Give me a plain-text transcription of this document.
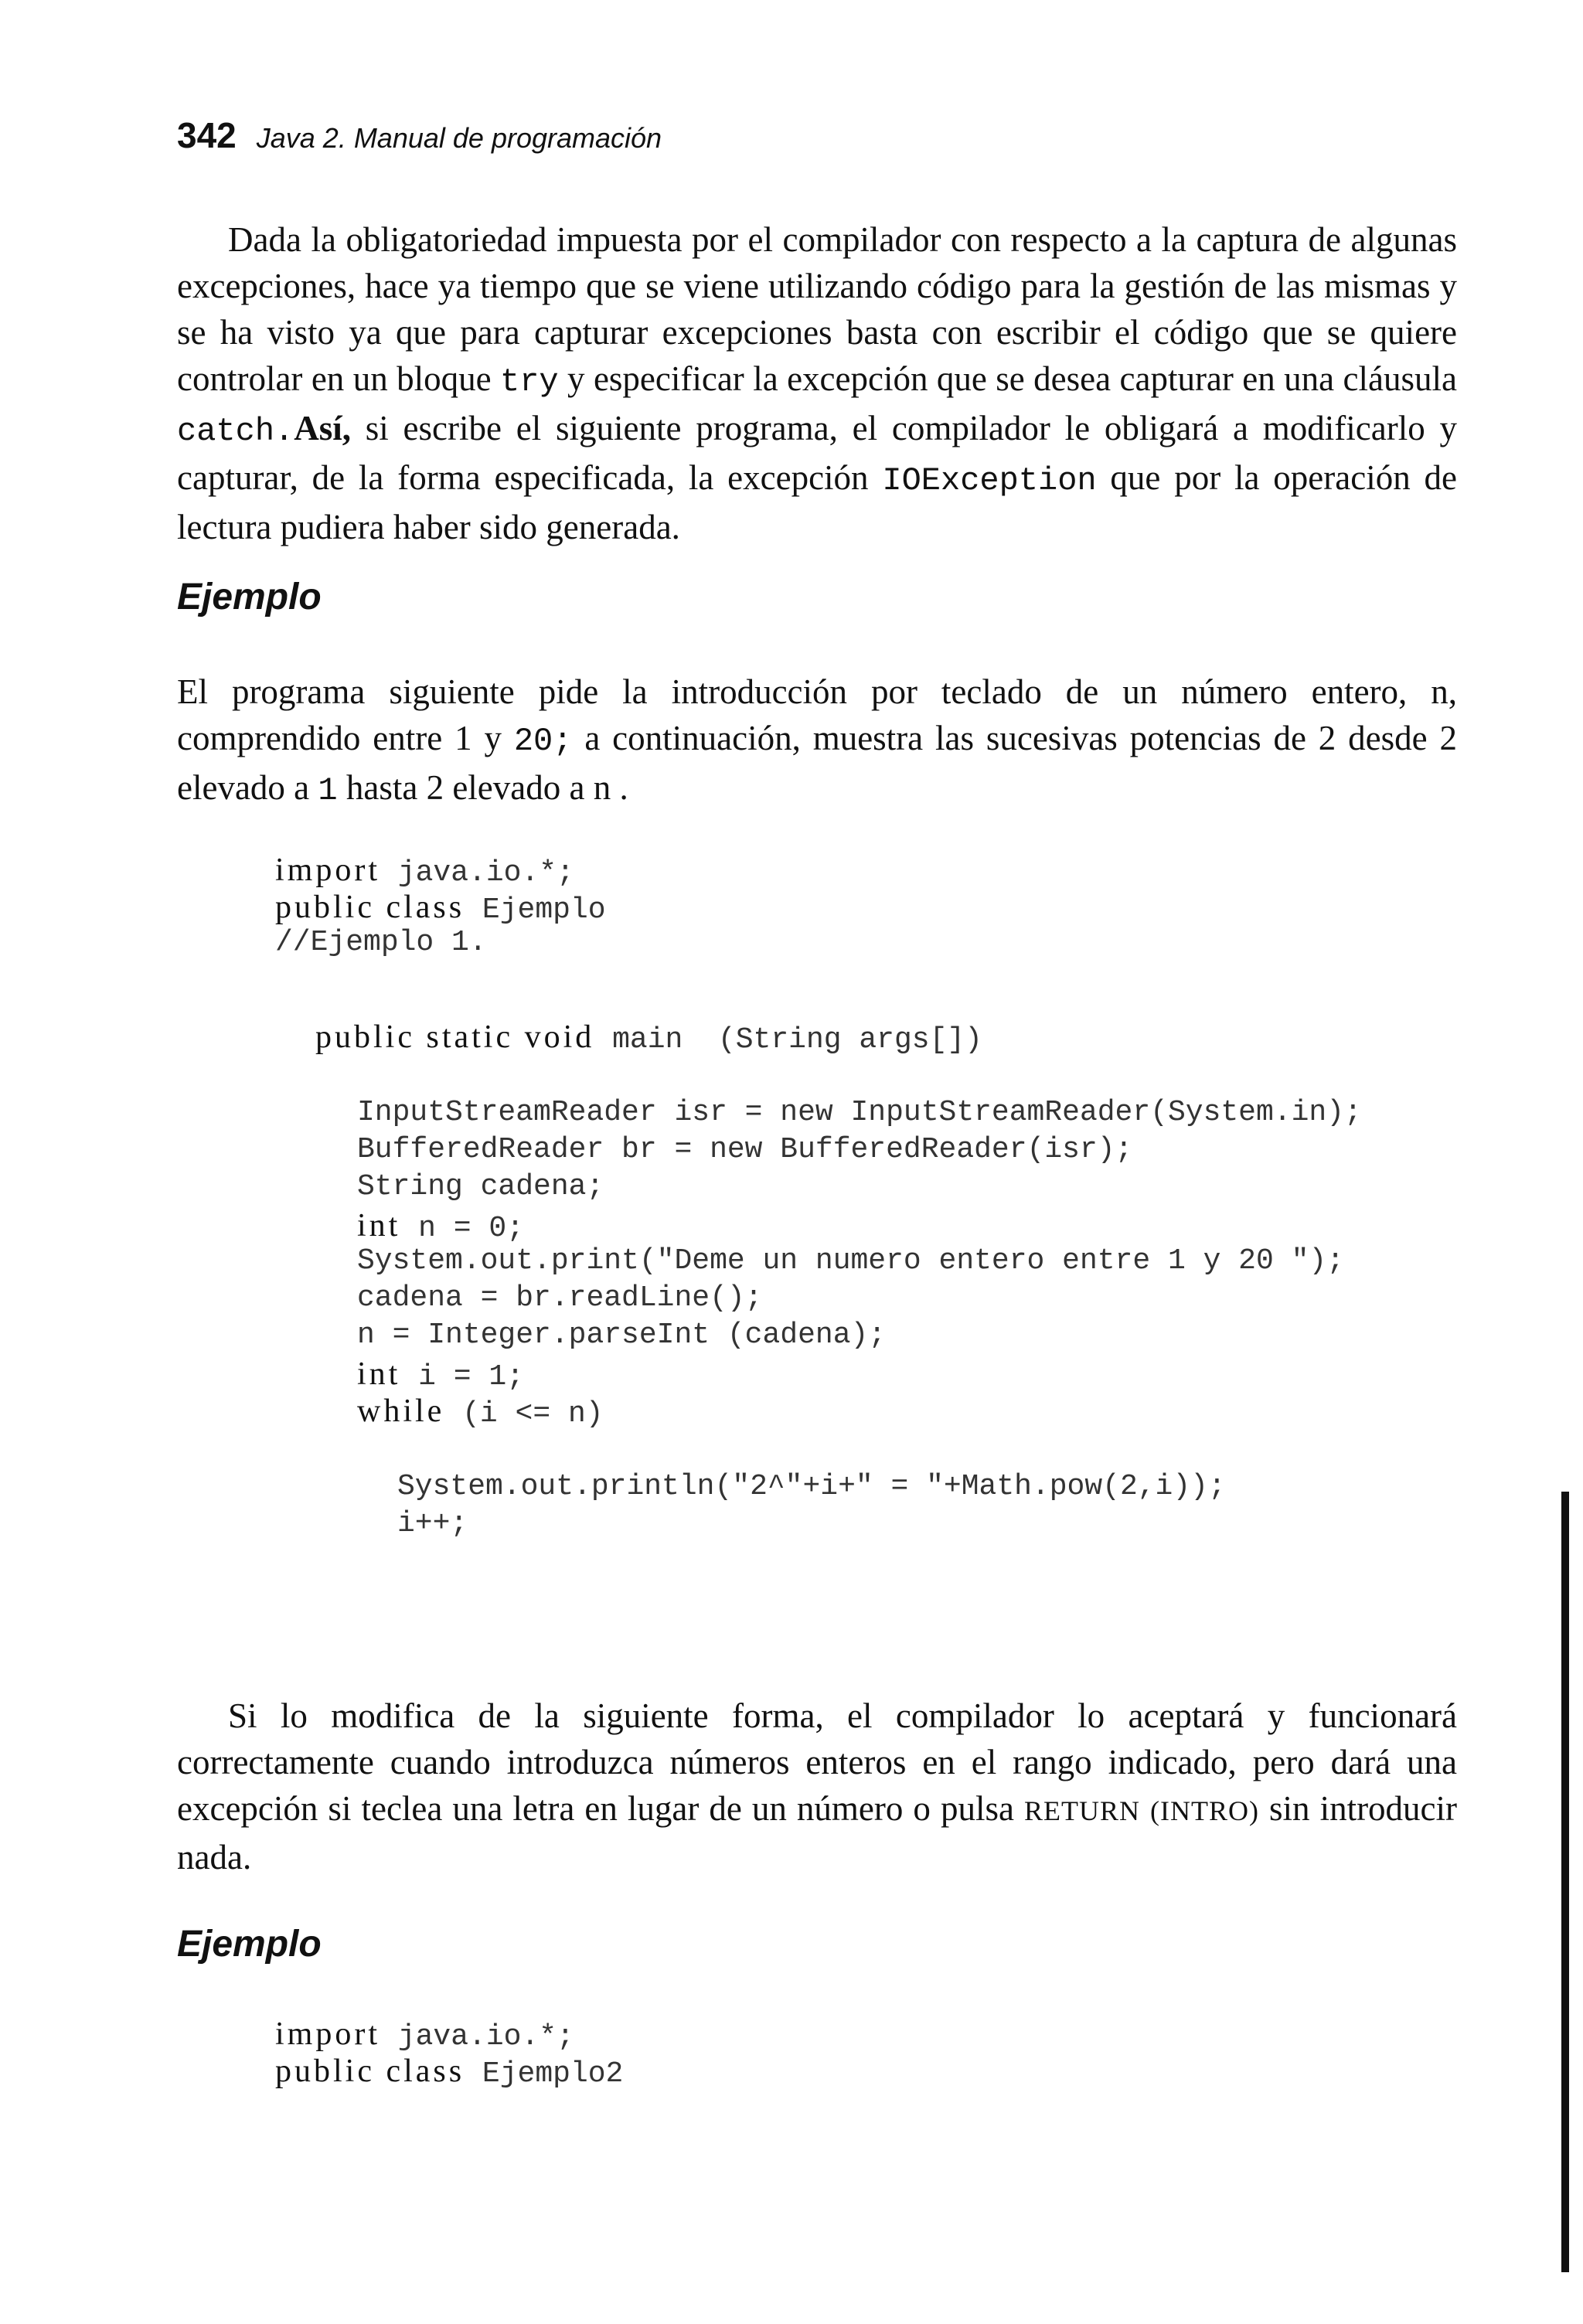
342 Java 2. Manual de programación

Dada la obligatoriedad impuesta por el compilador con respecto a la captura de algunas excepciones, hace ya tiempo que se viene utilizando código para la gestión de las mismas y se ha visto ya que para capturar excepciones basta con escribir el código que se quiere controlar en un bloque try y especificar la excepción que se desea capturar en una cláusula catch.Así, si escribe el siguiente programa, el compilador le obligará a modificarlo y capturar, de la forma especificada, la excepción IOException que por la operación de lectura pudiera haber sido generada.

Ejemplo

El programa siguiente pide la introducción por teclado de un número entero, n, comprendido entre 1 y 20; a continuación, muestra las sucesivas potencias de 2 desde 2 elevado a 1 hasta 2 elevado a n .

import java.io.*;
public class Ejemplo
//Ejemplo 1.
public static void main  (String args[])
InputStreamReader isr = new InputStreamReader(System.in);
BufferedReader br = new BufferedReader(isr);
String cadena;
int n = 0;
System.out.print("Deme un numero entero entre 1 y 20 ");
cadena = br.readLine();
n = Integer.parseInt (cadena);
int i = 1;
while (i <= n)
System.out.println("2^"+i+" = "+Math.pow(2,i));
i++;

Si lo modifica de la siguiente forma, el compilador lo aceptará y funcionará correctamente cuando introduzca números enteros en el rango indicado, pero dará una excepción si teclea una letra en lugar de un número o pulsa RETURN (INTRO) sin introducir nada.

Ejemplo
import java.io.*;
public class Ejemplo2
